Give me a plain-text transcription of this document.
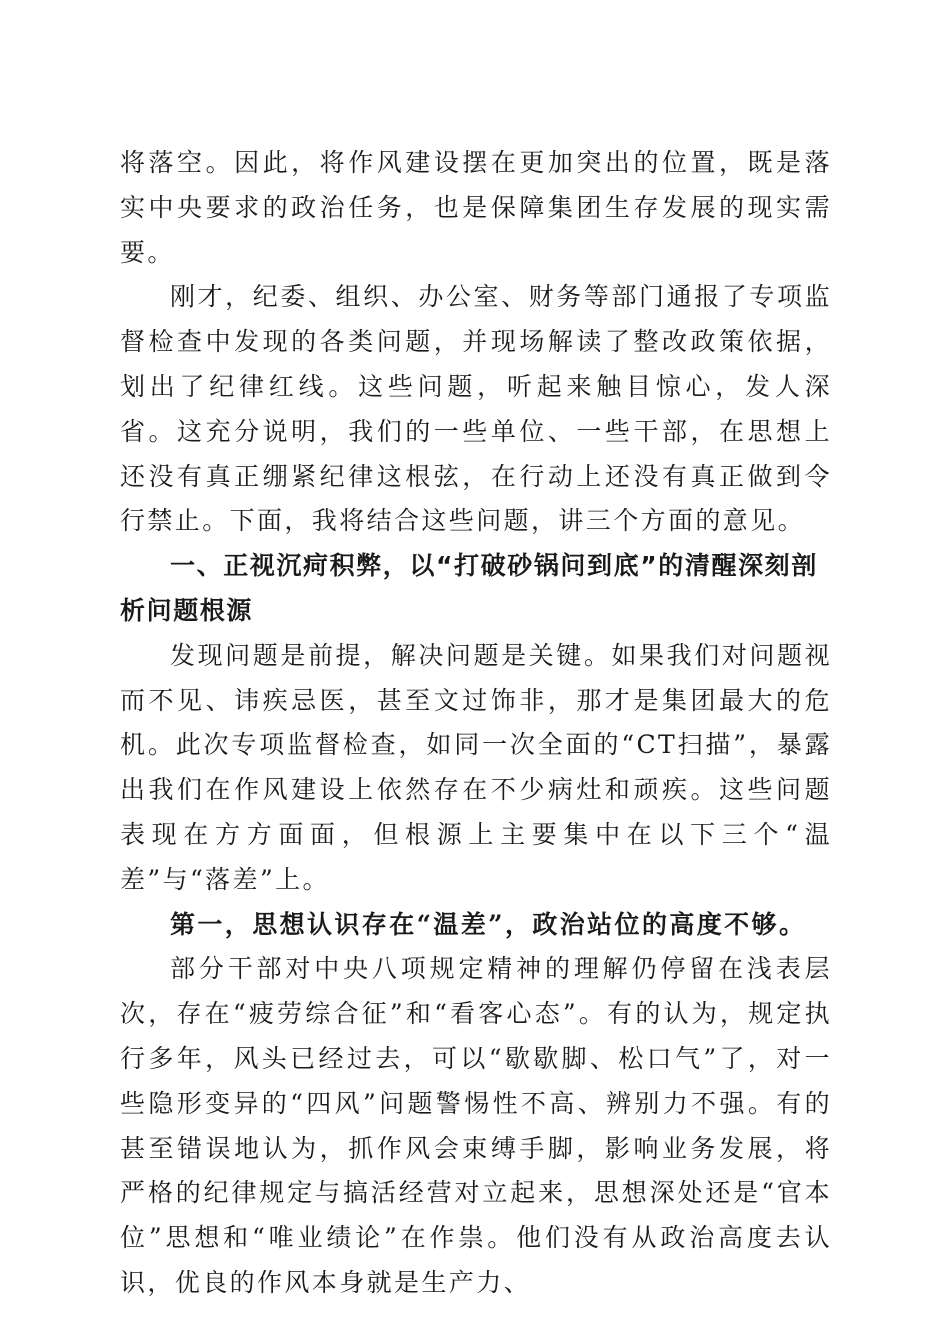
将落空。因此，将作风建设摆在更加突出的位置，既是落实中央要求的政治任务，也是保障集团生存发展的现实需要。

刚才，纪委、组织、办公室、财务等部门通报了专项监督检查中发现的各类问题，并现场解读了整改政策依据，划出了纪律红线。这些问题，听起来触目惊心，发人深省。这充分说明，我们的一些单位、一些干部，在思想上还没有真正绷紧纪律这根弦，在行动上还没有真正做到令行禁止。下面，我将结合这些问题，讲三个方面的意见。

一、正视沉疴积弊，以“打破砂锅问到底”的清醒深刻剖析问题根源

发现问题是前提，解决问题是关键。如果我们对问题视而不见、讳疾忌医，甚至文过饰非，那才是集团最大的危机。此次专项监督检查，如同一次全面的“CT扫描”，暴露出我们在作风建设上依然存在不少病灶和顽疾。这些问题表现在方方面面，但根源上主要集中在以下三个“温差”与“落差”上。

第一，思想认识存在“温差”，政治站位的高度不够。

部分干部对中央八项规定精神的理解仍停留在浅表层次，存在“疲劳综合征”和“看客心态”。有的认为，规定执行多年，风头已经过去，可以“歇歇脚、松口气”了，对一些隐形变异的“四风”问题警惕性不高、辨别力不强。有的甚至错误地认为，抓作风会束缚手脚，影响业务发展，将严格的纪律规定与搞活经营对立起来，思想深处还是“官本位”思想和“唯业绩论”在作祟。他们没有从政治高度去认识，优良的作风本身就是生产力、
